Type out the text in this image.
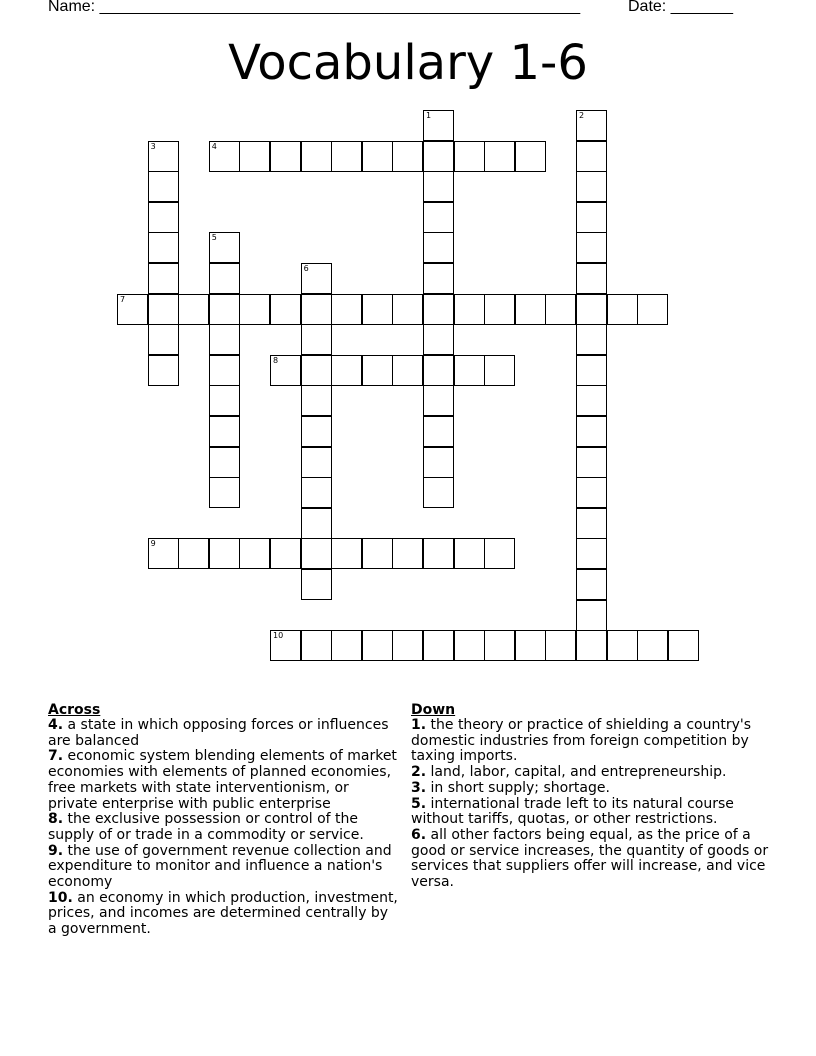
Name: ______________________________________________________	Date: _______
Vocabulary 1-6
1	2
3	4
5
6
7
8
9
10
Across
4. a state in which opposing forces or influences are balanced
7. economic system blending elements of market economies with elements of planned economies, free markets with state interventionism, or private enterprise with public enterprise
8. the exclusive possession or control of the supply of or trade in a commodity or service.
9. the use of government revenue collection and expenditure to monitor and influence a nation's economy
10. an economy in which production, investment, prices, and incomes are determined centrally by a government.
Down
1. the theory or practice of shielding a country's domestic industries from foreign competition by taxing imports.
2. land, labor, capital, and entrepreneurship.
3. in short supply; shortage.
5. international trade left to its natural course without tariffs, quotas, or other restrictions.
6. all other factors being equal, as the price of a good or service increases, the quantity of goods or services that suppliers offer will increase, and vice versa.
